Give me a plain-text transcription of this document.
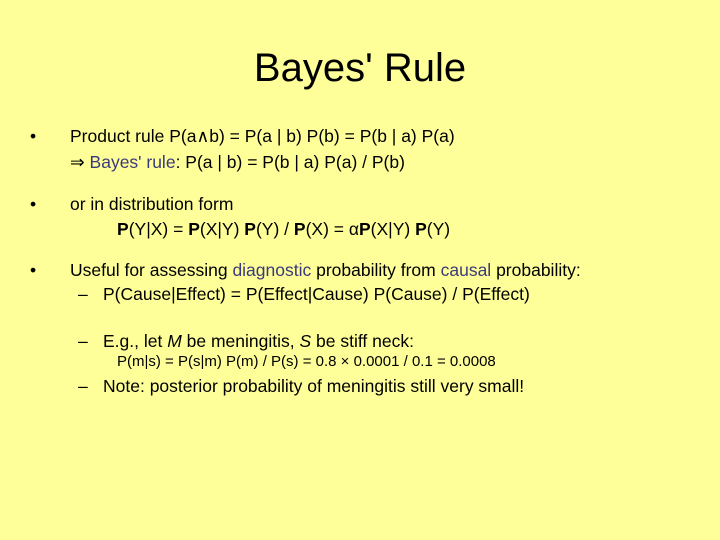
Bayes' Rule
• Product rule P(a∧b) = P(a | b) P(b) = P(b | a) P(a)
⇒ Bayes' rule: P(a | b) = P(b | a) P(a) / P(b)
• or in distribution form
P(Y|X) = P(X|Y) P(Y) / P(X) = αP(X|Y) P(Y)
• Useful for assessing diagnostic probability from causal probability:
– P(Cause|Effect) = P(Effect|Cause) P(Cause) / P(Effect)
– E.g., let M be meningitis, S be stiff neck:
P(m|s) = P(s|m) P(m) / P(s) = 0.8 × 0.0001 / 0.1 = 0.0008
– Note: posterior probability of meningitis still very small!
